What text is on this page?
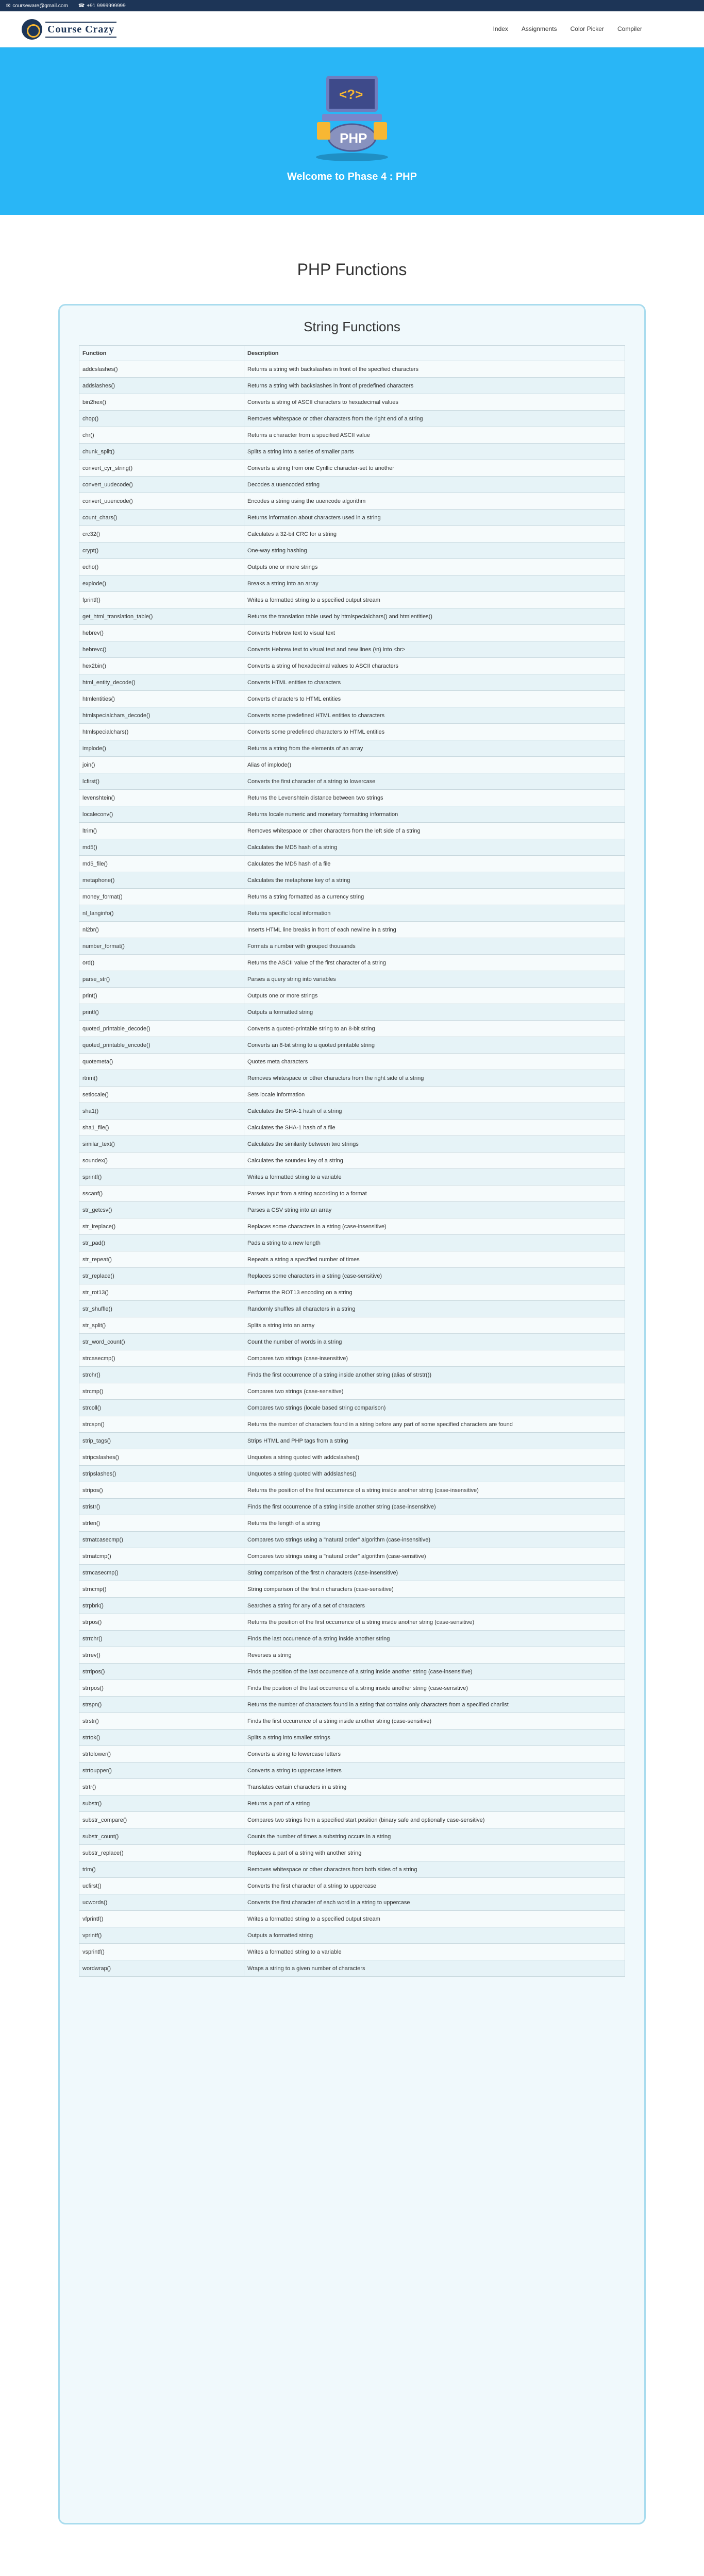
✉ courseware@gmail.com ☎ +91 9999999999
Course Crazy	Index Assignments Color Picker Compiler
<?>
PHP
Welcome to Phase 4 : PHP
PHP Functions
String Functions
Function	Description
addcslashes()	Returns a string with backslashes in front of the specified characters
addslashes()	Returns a string with backslashes in front of predefined characters
bin2hex()	Converts a string of ASCII characters to hexadecimal values
chop()	Removes whitespace or other characters from the right end of a string
chr()	Returns a character from a specified ASCII value
chunk_split()	Splits a string into a series of smaller parts
convert_cyr_string()	Converts a string from one Cyrillic character-set to another
convert_uudecode()	Decodes a uuencoded string
convert_uuencode()	Encodes a string using the uuencode algorithm
count_chars()	Returns information about characters used in a string
crc32()	Calculates a 32-bit CRC for a string
crypt()	One-way string hashing
echo()	Outputs one or more strings
explode()	Breaks a string into an array
fprintf()	Writes a formatted string to a specified output stream
get_html_translation_table()	Returns the translation table used by htmlspecialchars() and htmlentities()
hebrev()	Converts Hebrew text to visual text
hebrevc()	Converts Hebrew text to visual text and new lines (\n) into <br>
hex2bin()	Converts a string of hexadecimal values to ASCII characters
html_entity_decode()	Converts HTML entities to characters
htmlentities()	Converts characters to HTML entities
htmlspecialchars_decode()	Converts some predefined HTML entities to characters
htmlspecialchars()	Converts some predefined characters to HTML entities
implode()	Returns a string from the elements of an array
join()	Alias of implode()
lcfirst()	Converts the first character of a string to lowercase
levenshtein()	Returns the Levenshtein distance between two strings
localeconv()	Returns locale numeric and monetary formatting information
ltrim()	Removes whitespace or other characters from the left side of a string
md5()	Calculates the MD5 hash of a string
md5_file()	Calculates the MD5 hash of a file
metaphone()	Calculates the metaphone key of a string
money_format()	Returns a string formatted as a currency string
nl_langinfo()	Returns specific local information
nl2br()	Inserts HTML line breaks in front of each newline in a string
number_format()	Formats a number with grouped thousands
ord()	Returns the ASCII value of the first character of a string
parse_str()	Parses a query string into variables
print()	Outputs one or more strings
printf()	Outputs a formatted string
quoted_printable_decode()	Converts a quoted-printable string to an 8-bit string
quoted_printable_encode()	Converts an 8-bit string to a quoted printable string
quotemeta()	Quotes meta characters
rtrim()	Removes whitespace or other characters from the right side of a string
setlocale()	Sets locale information
sha1()	Calculates the SHA-1 hash of a string
sha1_file()	Calculates the SHA-1 hash of a file
similar_text()	Calculates the similarity between two strings
soundex()	Calculates the soundex key of a string
sprintf()	Writes a formatted string to a variable
sscanf()	Parses input from a string according to a format
str_getcsv()	Parses a CSV string into an array
str_ireplace()	Replaces some characters in a string (case-insensitive)
str_pad()	Pads a string to a new length
str_repeat()	Repeats a string a specified number of times
str_replace()	Replaces some characters in a string (case-sensitive)
str_rot13()	Performs the ROT13 encoding on a string
str_shuffle()	Randomly shuffles all characters in a string
str_split()	Splits a string into an array
str_word_count()	Count the number of words in a string
strcasecmp()	Compares two strings (case-insensitive)
strchr()	Finds the first occurrence of a string inside another string (alias of strstr())
strcmp()	Compares two strings (case-sensitive)
strcoll()	Compares two strings (locale based string comparison)
strcspn()	Returns the number of characters found in a string before any part of some specified characters are found
strip_tags()	Strips HTML and PHP tags from a string
stripcslashes()	Unquotes a string quoted with addcslashes()
stripslashes()	Unquotes a string quoted with addslashes()
stripos()	Returns the position of the first occurrence of a string inside another string (case-insensitive)
stristr()	Finds the first occurrence of a string inside another string (case-insensitive)
strlen()	Returns the length of a string
strnatcasecmp()	Compares two strings using a "natural order" algorithm (case-insensitive)
strnatcmp()	Compares two strings using a "natural order" algorithm (case-sensitive)
strncasecmp()	String comparison of the first n characters (case-insensitive)
strncmp()	String comparison of the first n characters (case-sensitive)
strpbrk()	Searches a string for any of a set of characters
strpos()	Returns the position of the first occurrence of a string inside another string (case-sensitive)
strrchr()	Finds the last occurrence of a string inside another string
strrev()	Reverses a string
strripos()	Finds the position of the last occurrence of a string inside another string (case-insensitive)
strrpos()	Finds the position of the last occurrence of a string inside another string (case-sensitive)
strspn()	Returns the number of characters found in a string that contains only characters from a specified charlist
strstr()	Finds the first occurrence of a string inside another string (case-sensitive)
strtok()	Splits a string into smaller strings
strtolower()	Converts a string to lowercase letters
strtoupper()	Converts a string to uppercase letters
strtr()	Translates certain characters in a string
substr()	Returns a part of a string
substr_compare()	Compares two strings from a specified start position (binary safe and optionally case-sensitive)
substr_count()	Counts the number of times a substring occurs in a string
substr_replace()	Replaces a part of a string with another string
trim()	Removes whitespace or other characters from both sides of a string
ucfirst()	Converts the first character of a string to uppercase
ucwords()	Converts the first character of each word in a string to uppercase
vfprintf()	Writes a formatted string to a specified output stream
vprintf()	Outputs a formatted string
vsprintf()	Writes a formatted string to a variable
wordwrap()	Wraps a string to a given number of characters
